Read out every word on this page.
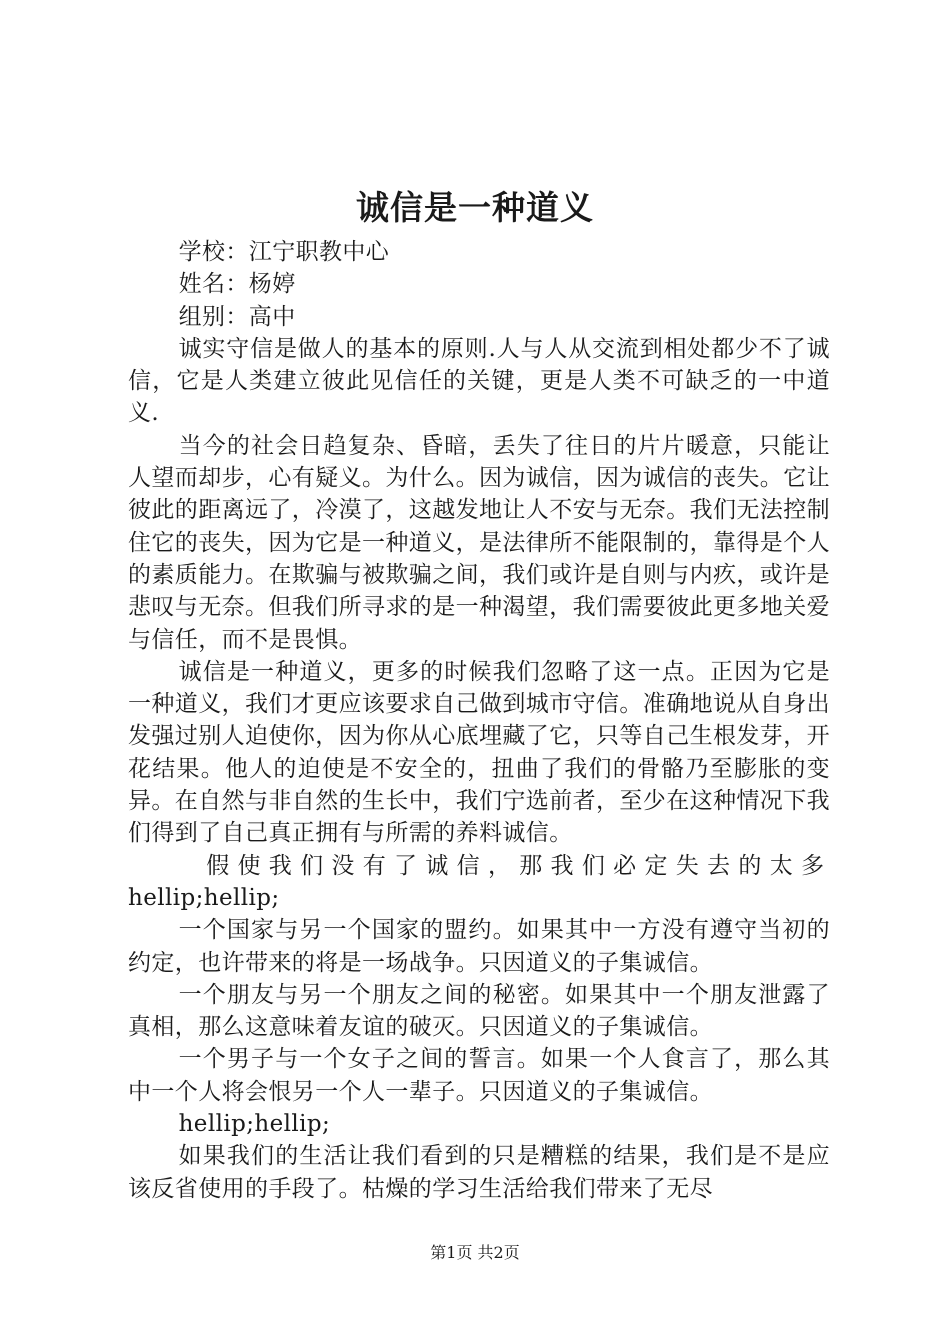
诚信是一种道义

学校：江宁职教中心

姓名：杨婷

组别：高中

诚实守信是做人的基本的原则.人与人从交流到相处都少不了诚信，它是人类建立彼此见信任的关键，更是人类不可缺乏的一中道义.

当今的社会日趋复杂、昏暗，丢失了往日的片片暖意，只能让人望而却步，心有疑义。为什么。因为诚信，因为诚信的丧失。它让彼此的距离远了，冷漠了，这越发地让人不安与无奈。我们无法控制住它的丧失，因为它是一种道义，是法律所不能限制的，靠得是个人的素质能力。在欺骗与被欺骗之间，我们或许是自则与内疚，或许是悲叹与无奈。但我们所寻求的是一种渴望，我们需要彼此更多地关爱与信任，而不是畏惧。

诚信是一种道义，更多的时候我们忽略了这一点。正因为它是一种道义，我们才更应该要求自己做到城市守信。准确地说从自身出发强过别人迫使你，因为你从心底埋藏了它，只等自己生根发芽，开花结果。他人的迫使是不安全的，扭曲了我们的骨骼乃至膨胀的变异。在自然与非自然的生长中，我们宁选前者，至少在这种情况下我们得到了自己真正拥有与所需的养料诚信。

假使我们没有了诚信，那我们必定失去的太多

hellip;hellip;

一个国家与另一个国家的盟约。如果其中一方没有遵守当初的约定，也许带来的将是一场战争。只因道义的子集诚信。

一个朋友与另一个朋友之间的秘密。如果其中一个朋友泄露了真相，那么这意味着友谊的破灭。只因道义的子集诚信。

一个男子与一个女子之间的誓言。如果一个人食言了，那么其中一个人将会恨另一个人一辈子。只因道义的子集诚信。

hellip;hellip;

如果我们的生活让我们看到的只是糟糕的结果，我们是不是应该反省使用的手段了。枯燥的学习生活给我们带来了无尽

第1页 共2页
